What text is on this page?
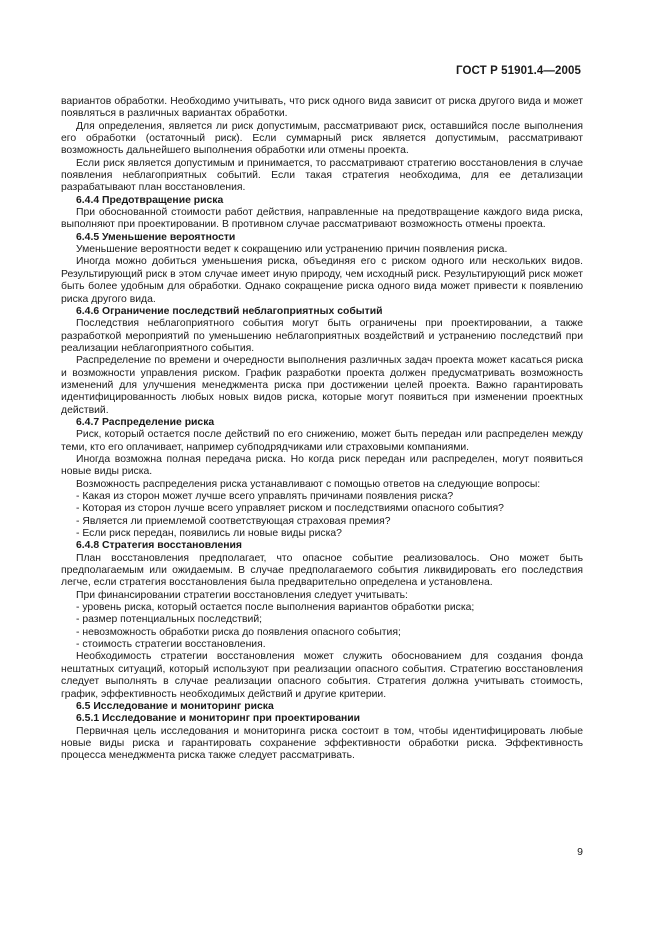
ГОСТ Р 51901.4—2005

вариантов обработки. Необходимо учитывать, что риск одного вида зависит от риска другого вида и может появляться в различных вариантах обработки.

Для определения, является ли риск допустимым, рассматривают риск, оставшийся после выполнения его обработки (остаточный риск). Если суммарный риск является допустимым, рассматривают возможность дальнейшего выполнения обработки или отмены проекта.

Если риск является допустимым и принимается, то рассматривают стратегию восстановления в случае появления неблагоприятных событий. Если такая стратегия необходима, для ее детализации разрабатывают план восстановления.

6.4.4 Предотвращение риска

При обоснованной стоимости работ действия, направленные на предотвращение каждого вида риска, выполняют при проектировании. В противном случае рассматривают возможность отмены проекта.

6.4.5 Уменьшение вероятности

Уменьшение вероятности ведет к сокращению или устранению причин появления риска.

Иногда можно добиться уменьшения риска, объединяя его с риском одного или нескольких видов. Результирующий риск в этом случае имеет иную природу, чем исходный риск. Результирующий риск может быть более удобным для обработки. Однако сокращение риска одного вида может привести к появлению риска другого вида.

6.4.6 Ограничение последствий неблагоприятных событий

Последствия неблагоприятного события могут быть ограничены при проектировании, а также разработкой мероприятий по уменьшению неблагоприятных воздействий и устранению последствий при реализации неблагоприятного события.

Распределение по времени и очередности выполнения различных задач проекта может касаться риска и возможности управления риском. График разработки проекта должен предусматривать возможность изменений для улучшения менеджмента риска при достижении целей проекта. Важно гарантировать идентифицированность любых новых видов риска, которые могут появиться при изменении проектных действий.

6.4.7 Распределение риска

Риск, который остается после действий по его снижению, может быть передан или распределен между теми, кто его оплачивает, например субподрядчиками или страховыми компаниями.

Иногда возможна полная передача риска. Но когда риск передан или распределен, могут появиться новые виды риска.

Возможность распределения риска устанавливают с помощью ответов на следующие вопросы:

- Какая из сторон может лучше всего управлять причинами появления риска?

- Которая из сторон лучше всего управляет риском и последствиями опасного события?

- Является ли приемлемой соответствующая страховая премия?

- Если риск передан, появились ли новые виды риска?

6.4.8 Стратегия восстановления

План восстановления предполагает, что опасное событие реализовалось. Оно может быть предполагаемым или ожидаемым. В случае предполагаемого события ликвидировать его последствия легче, если стратегия восстановления была предварительно определена и установлена.

При финансировании стратегии восстановления следует учитывать:

- уровень риска, который остается после выполнения вариантов обработки риска;

- размер потенциальных последствий;

- невозможность обработки риска до появления опасного события;

- стоимость стратегии восстановления.

Необходимость стратегии восстановления может служить обоснованием для создания фонда нештатных ситуаций, который используют при реализации опасного события. Стратегию восстановления следует выполнять в случае реализации опасного события. Стратегия должна учитывать стоимость, график, эффективность необходимых действий и другие критерии.

6.5 Исследование и мониторинг риска

6.5.1 Исследование и мониторинг при проектировании

Первичная цель исследования и мониторинга риска состоит в том, чтобы идентифицировать любые новые виды риска и гарантировать сохранение эффективности обработки риска. Эффективность процесса менеджмента риска также следует рассматривать.

9
